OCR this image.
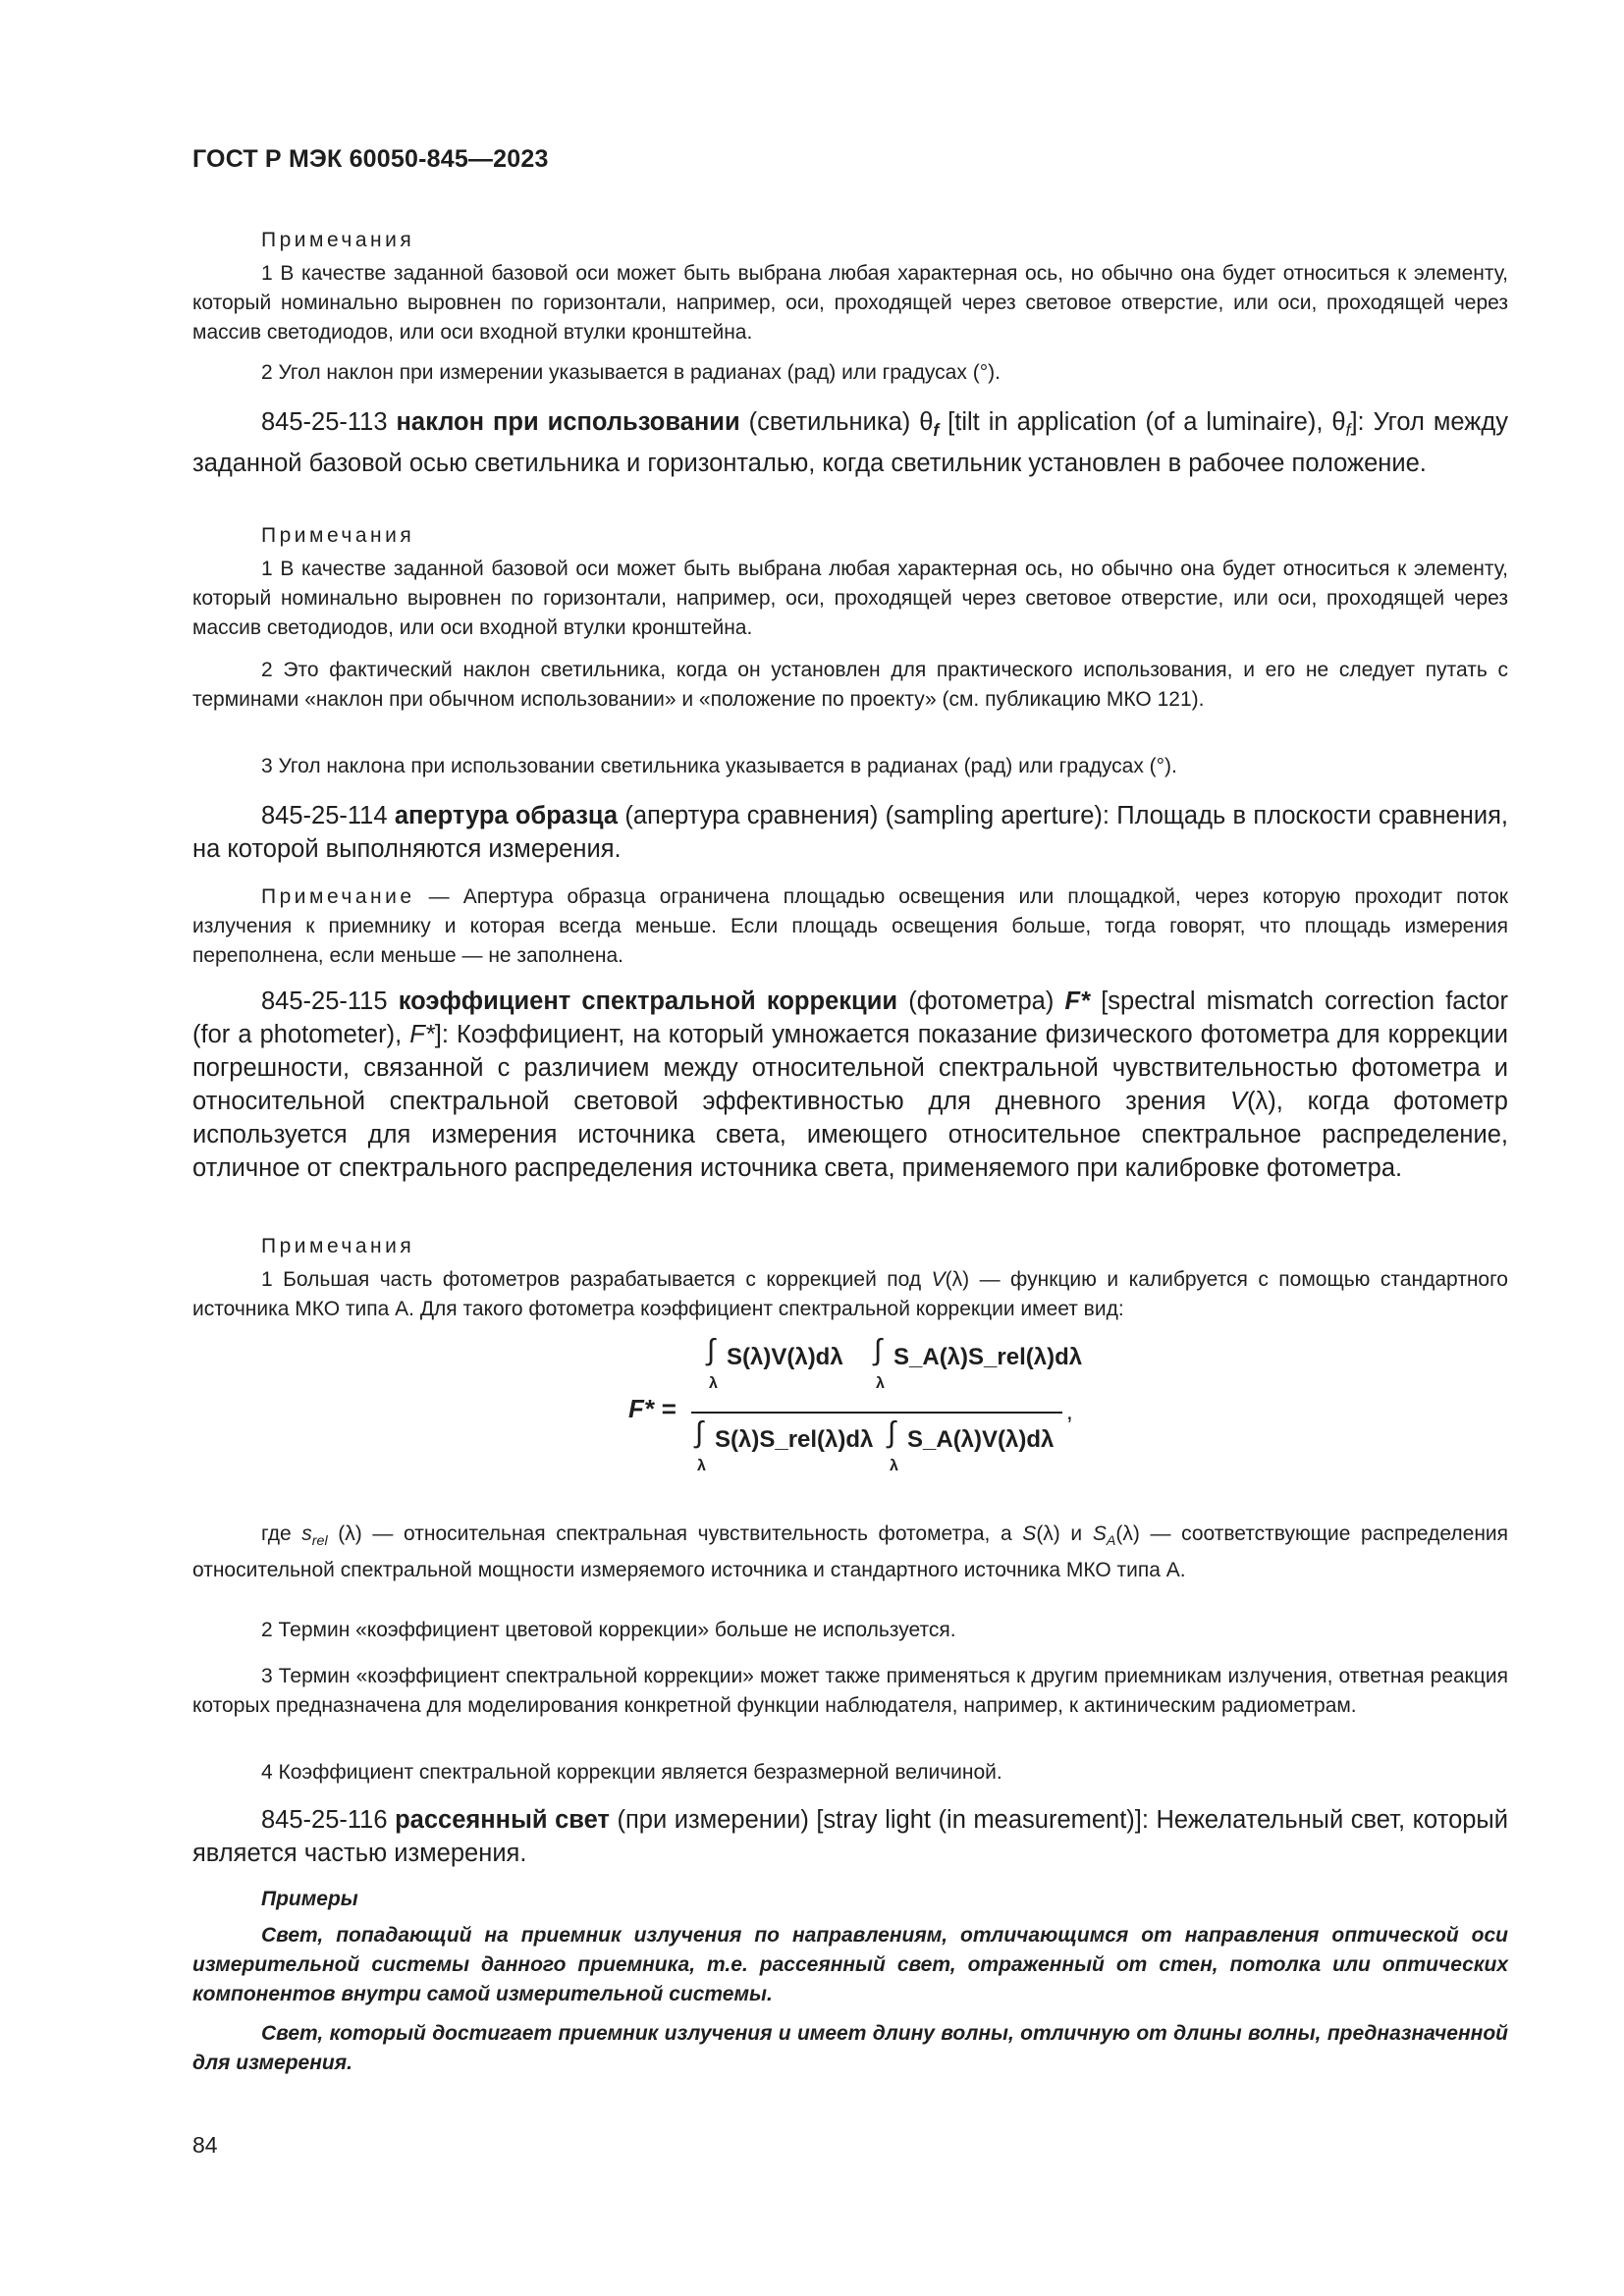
ГОСТ Р МЭК 60050-845—2023
Примечания
1 В качестве заданной базовой оси может быть выбрана любая характерная ось, но обычно она будет относиться к элементу, который номинально выровнен по горизонтали, например, оси, проходящей через световое отверстие, или оси, проходящей через массив светодиодов, или оси входной втулки кронштейна.
2 Угол наклон при измерении указывается в радианах (рад) или градусах (°).
845-25-113 наклон при использовании (светильника) $\theta_f$ [tilt in application (of a luminaire), $\theta_f$]: Угол между заданной базовой осью светильника и горизонталью, когда светильник установлен в рабочее положение.
Примечания
1 В качестве заданной базовой оси может быть выбрана любая характерная ось, но обычно она будет относиться к элементу, который номинально выровнен по горизонтали, например, оси, проходящей через световое отверстие, или оси, проходящей через массив светодиодов, или оси входной втулки кронштейна.
2 Это фактический наклон светильника, когда он установлен для практического использования, и его не следует путать с терминами «наклон при обычном использовании» и «положение по проекту» (см. публикацию МКО 121).
3 Угол наклона при использовании светильника указывается в радианах (рад) или градусах (°).
845-25-114 апертура образца (апертура сравнения) (sampling aperture): Площадь в плоскости сравнения, на которой выполняются измерения.
Примечание — Апертура образца ограничена площадью освещения или площадкой, через которую проходит поток излучения к приемнику и которая всегда меньше. Если площадь освещения больше, тогда говорят, что площадь измерения переполнена, если меньше — не заполнена.
845-25-115 коэффициент спектральной коррекции (фотометра) F* [spectral mismatch correction factor (for a photometer), F*]: Коэффициент, на который умножается показание физического фотометра для коррекции погрешности, связанной с различием между относительной спектральной чувствительностью фотометра и относительной спектральной световой эффективностью для дневного зрения V(λ), когда фотометр используется для измерения источника света, имеющего относительное спектральное распределение, отличное от спектрального распределения источника света, применяемого при калибровке фотометра.
Примечания
1 Большая часть фотометров разрабатывается с коррекцией под V(λ) — функцию и калибруется с помощью стандартного источника МКО типа А. Для такого фотометра коэффициент спектральной коррекции имеет вид:
F* =
∫
λ
S(λ)V(λ)dλ ∫
λ
S_A(λ)S_rel(λ)dλ
,
∫
λ
S(λ)S_rel(λ)dλ ∫
λ
S_A(λ)V(λ)dλ
где $s_{rel}$ (λ) — относительная спектральная чувствительность фотометра, а S(λ) и $S_A(\lambda)$ — соответствующие распределения относительной спектральной мощности измеряемого источника и стандартного источника МКО типа А.
2 Термин «коэффициент цветовой коррекции» больше не используется.
3 Термин «коэффициент спектральной коррекции» может также применяться к другим приемникам излучения, ответная реакция которых предназначена для моделирования конкретной функции наблюдателя, например, к актиническим радиометрам.
4 Коэффициент спектральной коррекции является безразмерной величиной.
845-25-116 рассеянный свет (при измерении) [stray light (in measurement)]: Нежелательный свет, который является частью измерения.
Примеры
Свет, попадающий на приемник излучения по направлениям, отличающимся от направления оптической оси измерительной системы данного приемника, т.е. рассеянный свет, отраженный от стен, потолка или оптических компонентов внутри самой измерительной системы.
Свет, который достигает приемник излучения и имеет длину волны, отличную от длины волны, предназначенной для измерения.
84
